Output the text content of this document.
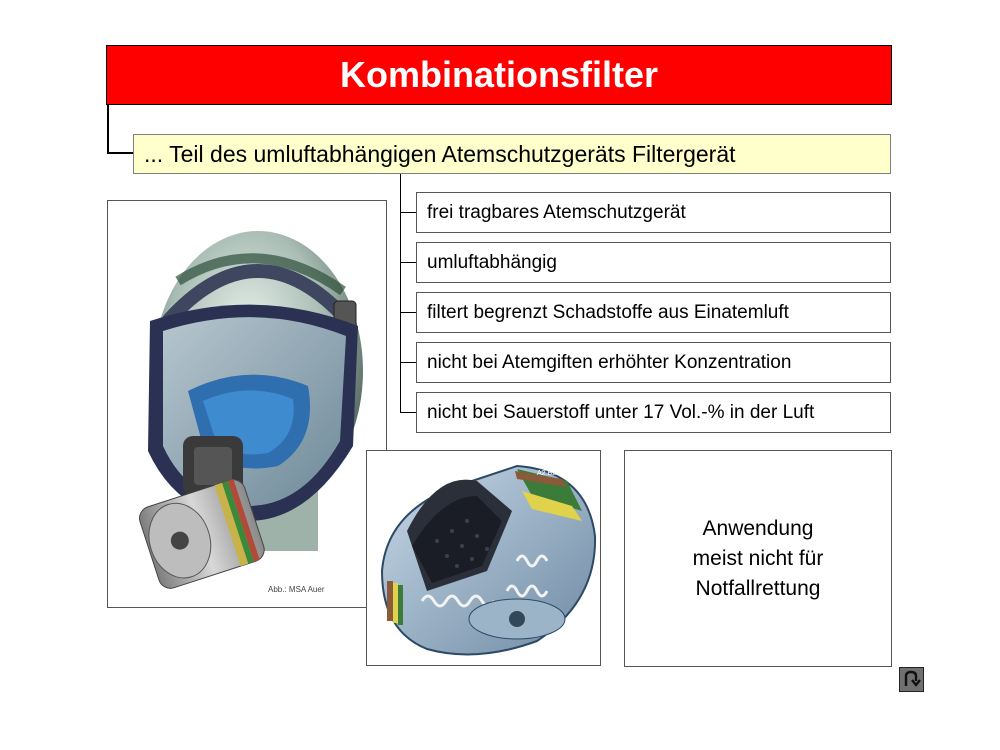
Kombinationsfilter
... Teil des umluftabhängigen Atemschutzgeräts Filtergerät
frei tragbares Atemschutzgerät
umluftabhängig
filtert begrenzt Schadstoffe aus Einatemluft
nicht bei Atemgiften erhöhter Konzentration
nicht bei Sauerstoff unter 17 Vol.-% in der Luft
Abb.: MSA Auer
A2 B2 E2 K2
Anwendung
meist nicht für
Notfallrettung
